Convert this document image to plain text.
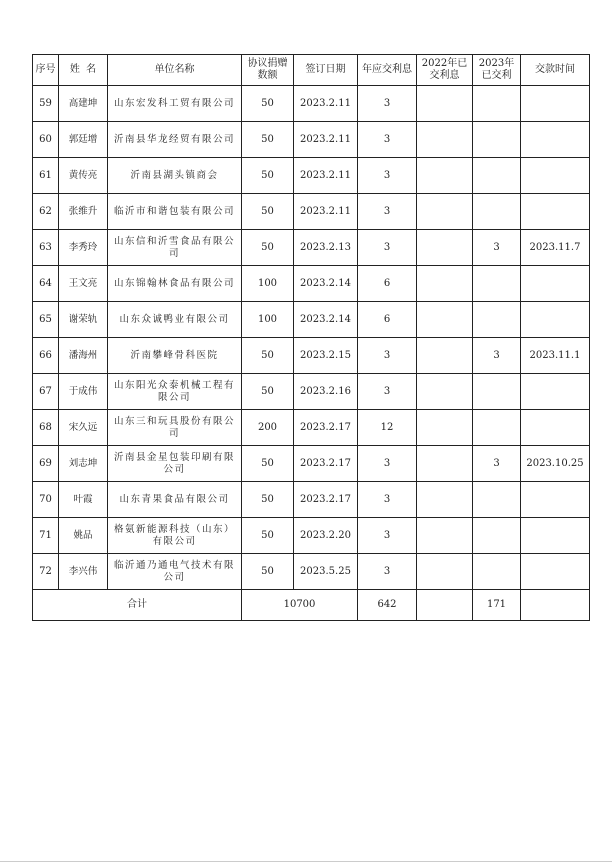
序号	姓  名	单位名称	协议捐赠数额	签订日期	年应交利息	2022年已交利息	2023年已交利	交款时间
59	高建坤	山东宏发科工贸有限公司	50	2023.2.11	3			
60	郭廷增	沂南县华龙经贸有限公司	50	2023.2.11	3			
61	黄传亮	沂南县湖头镇商会	50	2023.2.11	3			
62	张维升	临沂市和谐包装有限公司	50	2023.2.11	3			
63	李秀玲	山东信和沂雪食品有限公司	50	2023.2.13	3		3	2023.11.7
64	王文亮	山东锦翰林食品有限公司	100	2023.2.14	6			
65	谢荣轨	山东众诚鸭业有限公司	100	2023.2.14	6			
66	潘海州	沂南攀峰骨科医院	50	2023.2.15	3		3	2023.11.1
67	于成伟	山东阳光众泰机械工程有限公司	50	2023.2.16	3			
68	宋久远	山东三和玩具股份有限公司	200	2023.2.17	12			
69	刘志坤	沂南县金星包装印刷有限公司	50	2023.2.17	3		3	2023.10.25
70	叶霞	山东青果食品有限公司	50	2023.2.17	3			
71	姚品	格氨新能源科技（山东）有限公司	50	2023.2.20	3			
72	李兴伟	临沂通乃通电气技术有限公司	50	2023.5.25	3			
合计			10700		642		171	
